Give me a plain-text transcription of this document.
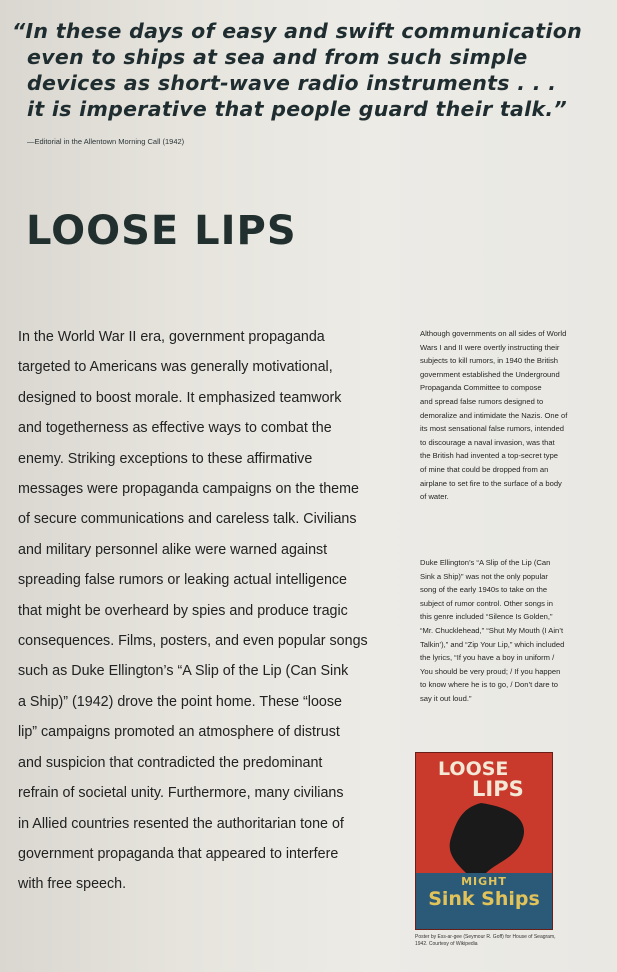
“In these days of easy and swift communication
even to ships at sea and from such simple
devices as short-wave radio instruments . . .
it is imperative that people guard their talk.”
—Editorial in the Allentown Morning Call (1942)
LOOSE LIPS
In the World War II era, government propaganda
targeted to Americans was generally motivational,
designed to boost morale. It emphasized teamwork
and togetherness as effective ways to combat the
enemy. Striking exceptions to these affirmative
messages were propaganda campaigns on the theme
of secure communications and careless talk. Civilians
and military personnel alike were warned against
spreading false rumors or leaking actual intelligence
that might be overheard by spies and produce tragic
consequences. Films, posters, and even popular songs
such as Duke Ellington’s “A Slip of the Lip (Can Sink
a Ship)” (1942) drove the point home. These “loose
lip” campaigns promoted an atmosphere of distrust
and suspicion that contradicted the predominant
refrain of societal unity. Furthermore, many civilians
in Allied countries resented the authoritarian tone of
government propaganda that appeared to interfere
with free speech.
Although governments on all sides of World
Wars I and II were overtly instructing their
subjects to kill rumors, in 1940 the British
government established the Underground
Propaganda Committee to compose
and spread false rumors designed to
demoralize and intimidate the Nazis. One of
its most sensational false rumors, intended
to discourage a naval invasion, was that
the British had invented a top-secret type
of mine that could be dropped from an
airplane to set fire to the surface of a body
of water.
Duke Ellington’s “A Slip of the Lip (Can
Sink a Ship)” was not the only popular
song of the early 1940s to take on the
subject of rumor control. Other songs in
this genre included “Silence Is Golden,”
“Mr. Chucklehead,” “Shut My Mouth (I Ain’t
Talkin’),” and “Zip Your Lip,” which included
the lyrics, “If you have a boy in uniform /
You should be very proud; / If you happen
to know where he is to go, / Don’t dare to
say it out loud.”
LOOSE
LIPS
MIGHT
Sink Ships
Poster by Ess-ar-gee (Seymour R. Goff) for House of Seagram,
1942. Courtesy of Wikipedia
